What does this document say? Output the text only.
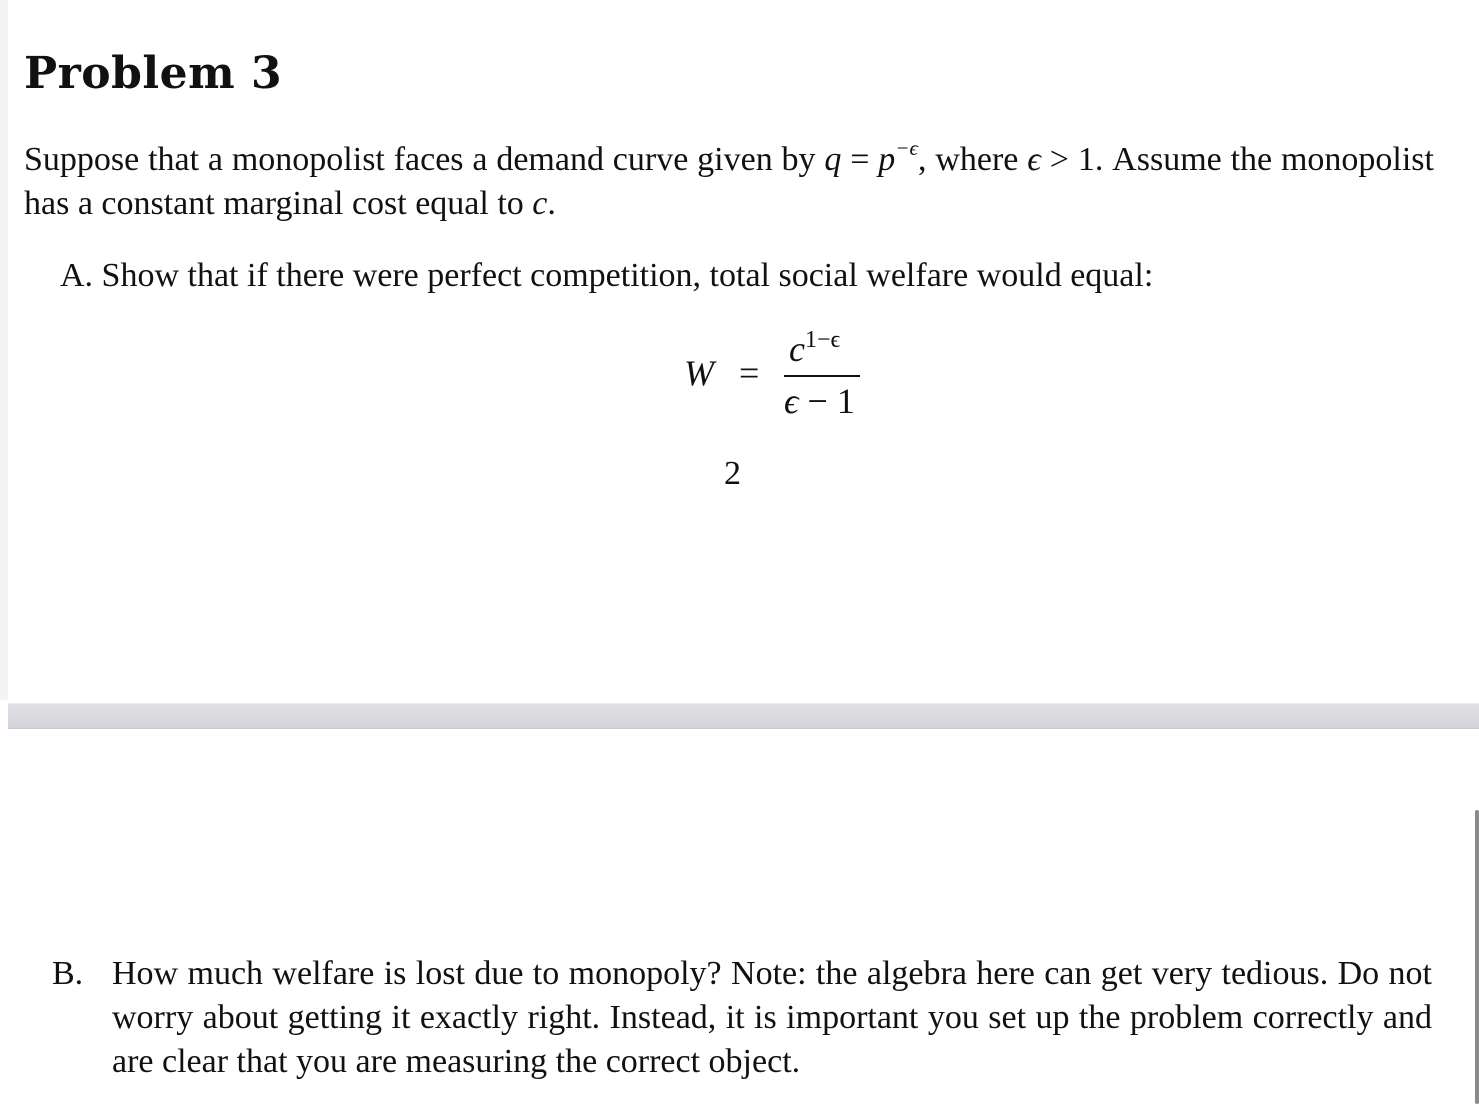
Problem 3

Suppose that a monopolist faces a demand curve given by $q = p^{-\epsilon}$, where ϵ > 1. Assume the monopolist has a constant marginal cost equal to c.

A. Show that if there were perfect competition, total social welfare would equal:

W =
$c^{1-\epsilon}$
ϵ − 1
2
B. How much welfare is lost due to monopoly? Note: the algebra here can get very tedious. Do not worry about getting it exactly right. Instead, it is important you set up the problem correctly and are clear that you are measuring the correct object.
